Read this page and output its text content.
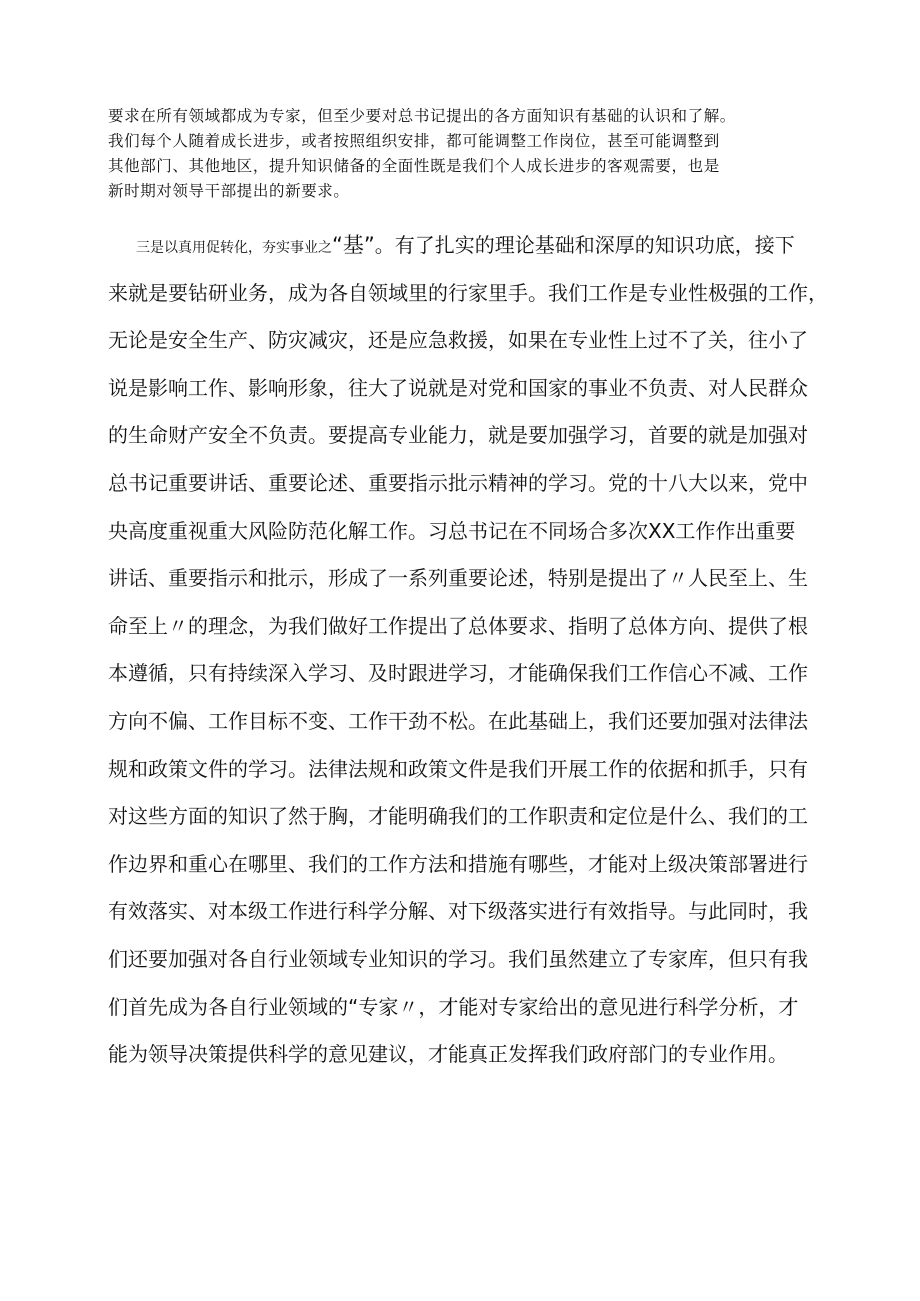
要求在所有领域都成为专家，但至少要对总书记提出的各方面知识有基础的认识和了解。
我们每个人随着成长进步，或者按照组织安排，都可能调整工作岗位，甚至可能调整到
其他部门、其他地区，提升知识储备的全面性既是我们个人成长进步的客观需要，也是
新时期对领导干部提出的新要求。
三是以真用促转化，夯实事业之“基”。有了扎实的理论基础和深厚的知识功底，接下
来就是要钻研业务，成为各自领域里的行家里手。我们工作是专业性极强的工作，
无论是安全生产、防灾减灾，还是应急救援，如果在专业性上过不了关，往小了
说是影响工作、影响形象，往大了说就是对党和国家的事业不负责、对人民群众
的生命财产安全不负责。要提高专业能力，就是要加强学习，首要的就是加强对
总书记重要讲话、重要论述、重要指示批示精神的学习。党的十八大以来，党中
央高度重视重大风险防范化解工作。习总书记在不同场合多次XX工作作出重要
讲话、重要指示和批示，形成了一系列重要论述，特别是提出了〃人民至上、生
命至上〃的理念，为我们做好工作提出了总体要求、指明了总体方向、提供了根
本遵循，只有持续深入学习、及时跟进学习，才能确保我们工作信心不减、工作
方向不偏、工作目标不变、工作干劲不松。在此基础上，我们还要加强对法律法
规和政策文件的学习。法律法规和政策文件是我们开展工作的依据和抓手，只有
对这些方面的知识了然于胸，才能明确我们的工作职责和定位是什么、我们的工
作边界和重心在哪里、我们的工作方法和措施有哪些，才能对上级决策部署进行
有效落实、对本级工作进行科学分解、对下级落实进行有效指导。与此同时，我
们还要加强对各自行业领域专业知识的学习。我们虽然建立了专家库，但只有我
们首先成为各自行业领域的“专家〃，才能对专家给出的意见进行科学分析，才
能为领导决策提供科学的意见建议，才能真正发挥我们政府部门的专业作用。
